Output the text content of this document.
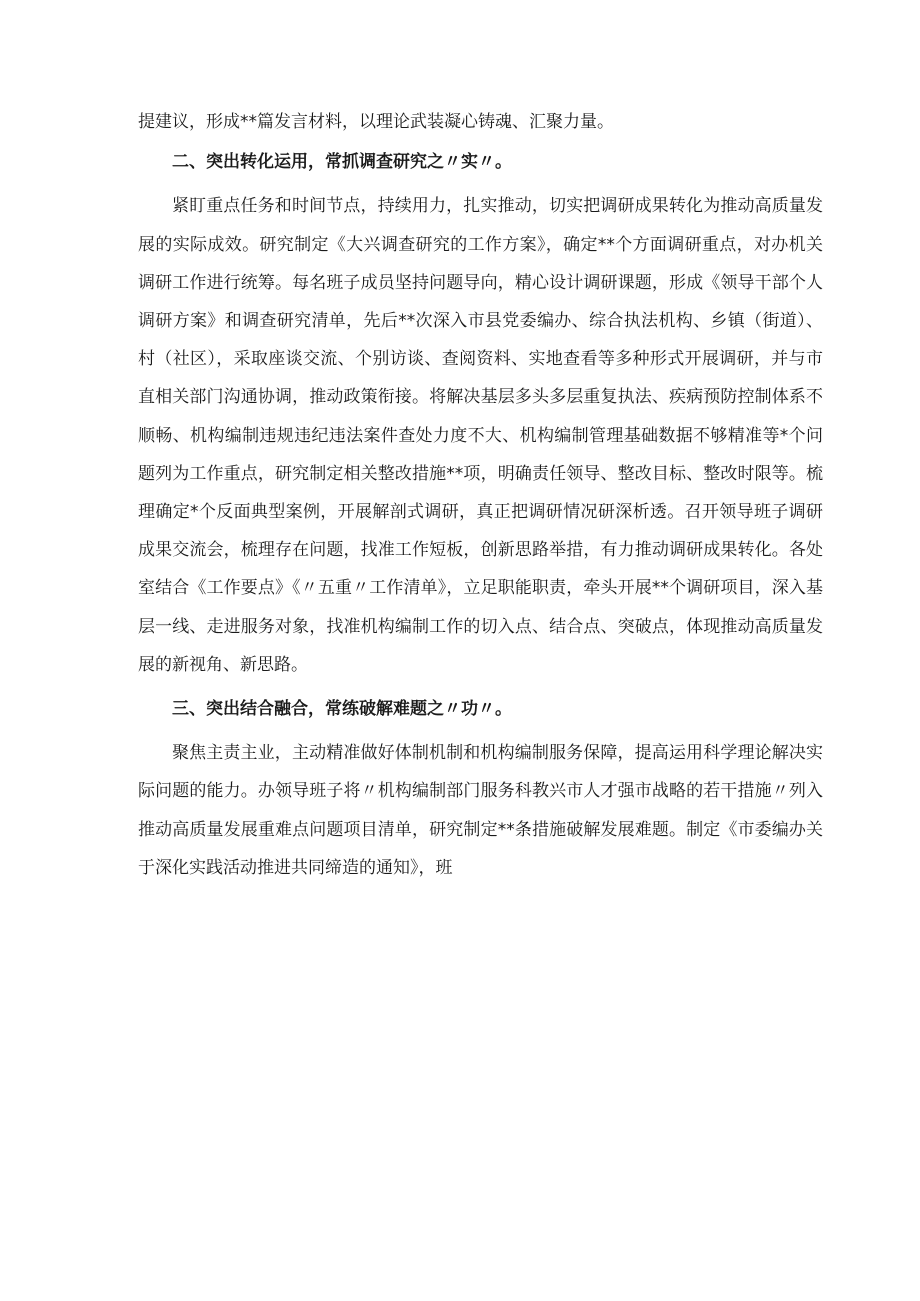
提建议，形成**篇发言材料，以理论武装凝心铸魂、汇聚力量。

二、突出转化运用，常抓调查研究之〃实〃。

紧盯重点任务和时间节点，持续用力，扎实推动，切实把调研成果转化为推动高质量发展的实际成效。研究制定《大兴调查研究的工作方案》，确定**个方面调研重点，对办机关调研工作进行统筹。每名班子成员坚持问题导向，精心设计调研课题，形成《领导干部个人调研方案》和调查研究清单，先后**次深入市县党委编办、综合执法机构、乡镇（街道）、村（社区），采取座谈交流、个别访谈、查阅资料、实地查看等多种形式开展调研，并与市直相关部门沟通协调，推动政策衔接。将解决基层多头多层重复执法、疾病预防控制体系不顺畅、机构编制违规违纪违法案件查处力度不大、机构编制管理基础数据不够精准等*个问题列为工作重点，研究制定相关整改措施**项，明确责任领导、整改目标、整改时限等。梳理确定*个反面典型案例，开展解剖式调研，真正把调研情况研深析透。召开领导班子调研成果交流会，梳理存在问题，找准工作短板，创新思路举措，有力推动调研成果转化。各处室结合《工作要点》《〃五重〃工作清单》，立足职能职责，牵头开展**个调研项目，深入基层一线、走进服务对象，找准机构编制工作的切入点、结合点、突破点，体现推动高质量发展的新视角、新思路。

三、突出结合融合，常练破解难题之〃功〃。

聚焦主责主业，主动精准做好体制机制和机构编制服务保障，提高运用科学理论解决实际问题的能力。办领导班子将〃机构编制部门服务科教兴市人才强市战略的若干措施〃列入推动高质量发展重难点问题项目清单，研究制定**条措施破解发展难题。制定《市委编办关于深化实践活动推进共同缔造的通知》，班
